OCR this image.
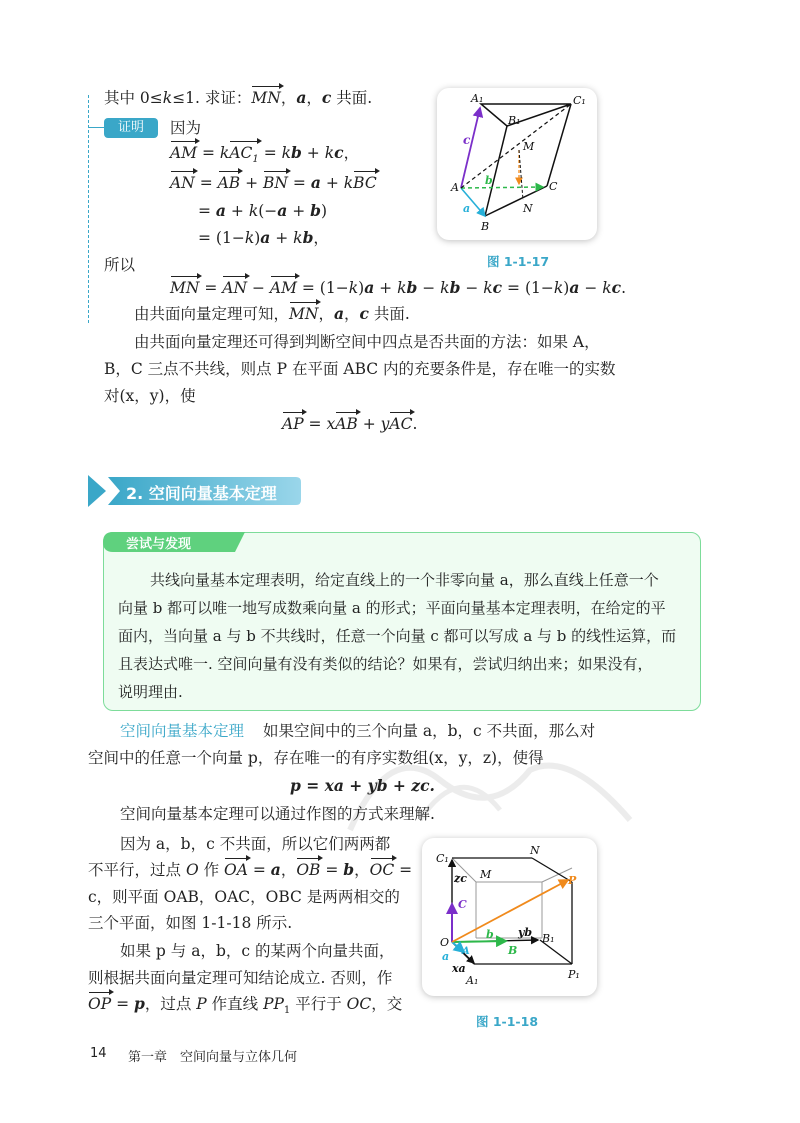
其中 0≤k≤1. 求证：MN，a，c 共面.
证明	因为
AM = kAC$_1$ = kb + kc，
AN = AB + BN = a + kBC
= a + k(−a + b)
= (1−k)a + kb，
所以
MN = AN − AM = (1−k)a + kb − kb − kc = (1−k)a − kc.
由共面向量定理可知，MN，a，c 共面.
A₁	C₁
B₁
M
A
b
c
C
a	N
B
图 1-1-17
由共面向量定理还可得到判断空间中四点是否共面的方法：如果 A，
B，C 三点不共线，则点 P 在平面 ABC 内的充要条件是，存在唯一的实数
对(x，y)，使
AP = xAB + yAC.
2. 空间向量基本定理
尝试与发现
共线向量基本定理表明，给定直线上的一个非零向量 a，那么直线上任意一个
向量 b 都可以唯一地写成数乘向量 a 的形式；平面向量基本定理表明，在给定的平
面内，当向量 a 与 b 不共线时，任意一个向量 c 都可以写成 a 与 b 的线性运算，而
且表达式唯一. 空间向量有没有类似的结论？如果有，尝试归纳出来；如果没有，
说明理由.
空间向量基本定理 如果空间中的三个向量 a，b，c 不共面，那么对
空间中的任意一个向量 p，存在唯一的有序实数组(x，y，z)，使得
p = xa + yb + zc.
空间向量基本定理可以通过作图的方式来理解.
因为 a，b，c 不共面，所以它们两两都
不平行，过点 O 作 OA = a，OB = b，OC =
c，则平面 OAB，OAC，OBC 是两两相交的
三个平面，如图 1-1-18 所示.
如果 p 与 a，b，c 的某两个向量共面，
则根据共面向量定理可知结论成立. 否则，作
OP = p，过点 P 作直线 $PP_1$ 平行于 OC，交
C₁
N
zc M	P
C
yb B₁
O
b
B
a A
xa
A₁	P₁
图 1-1-18
14 第一章　空间向量与立体几何
